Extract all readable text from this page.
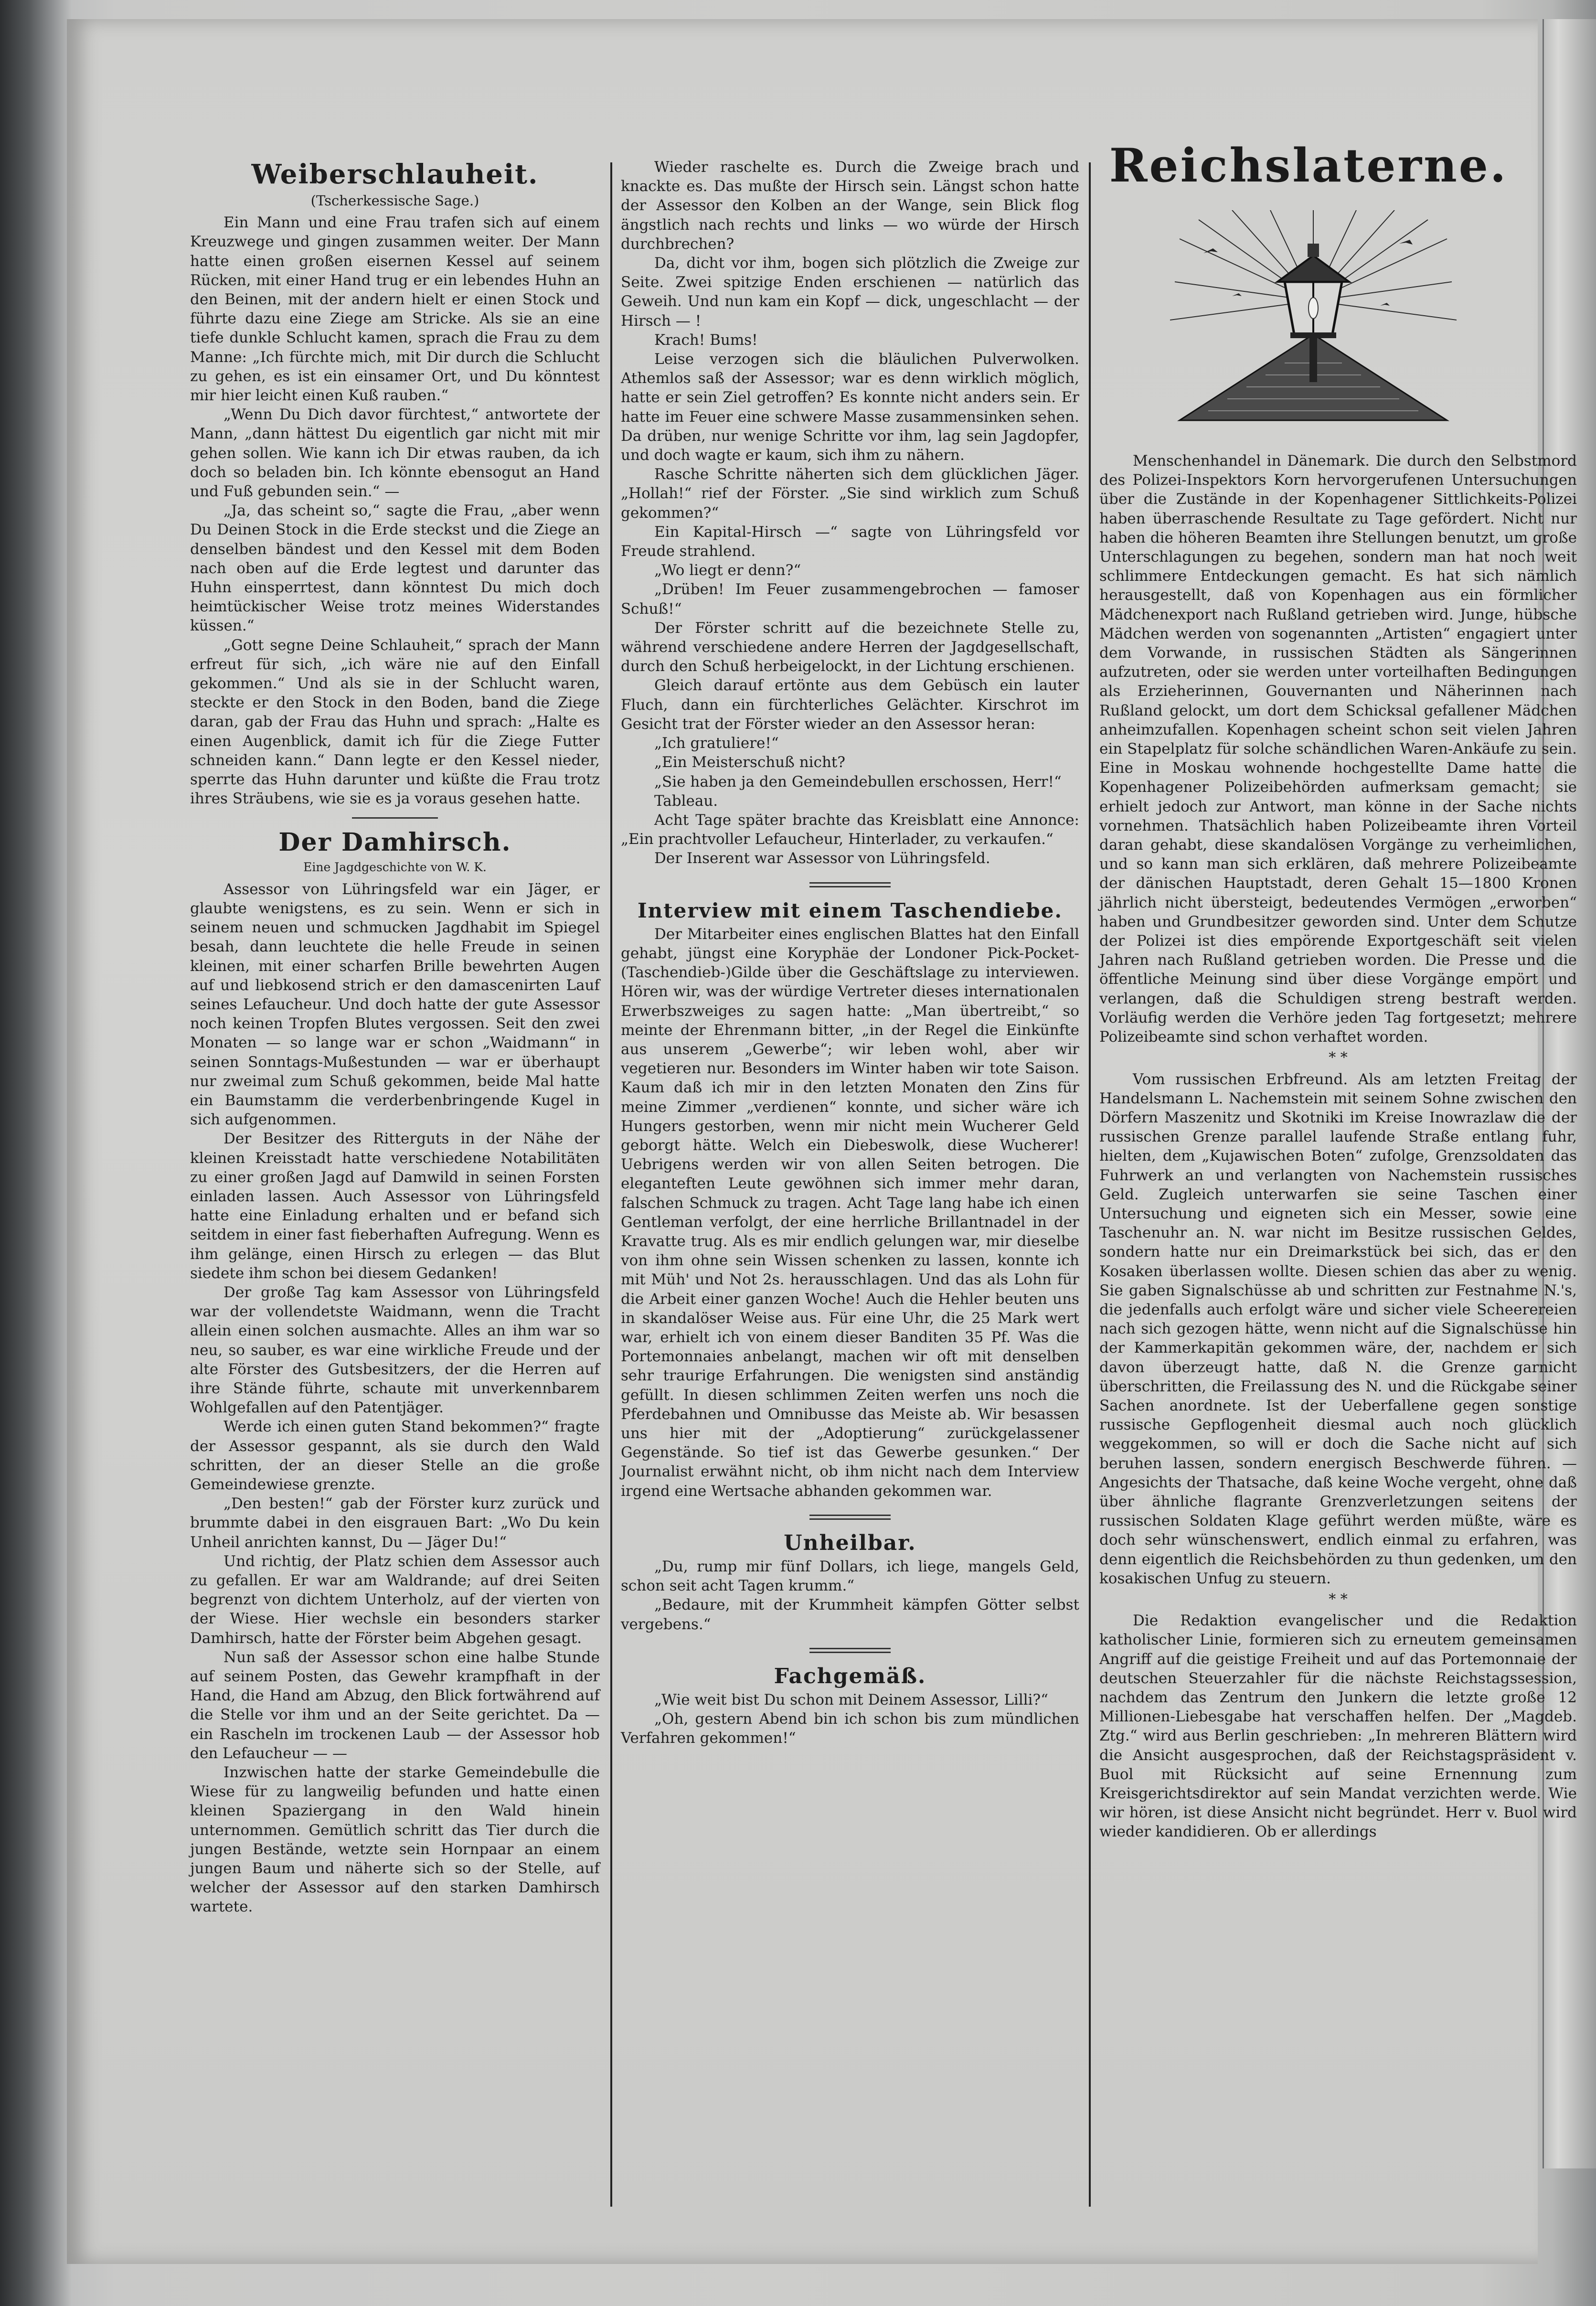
Weiberschlauheit.
(Tscherkessische Sage.)

Ein Mann und eine Frau trafen sich auf einem Kreuzwege und gingen zusammen weiter. Der Mann hatte einen großen eisernen Kessel auf seinem Rücken, mit einer Hand trug er ein lebendes Huhn an den Beinen, mit der andern hielt er einen Stock und führte dazu eine Ziege am Stricke. Als sie an eine tiefe dunkle Schlucht kamen, sprach die Frau zu dem Manne: „Ich fürchte mich, mit Dir durch die Schlucht zu gehen, es ist ein einsamer Ort, und Du könntest mir hier leicht einen Kuß rauben.“

„Wenn Du Dich davor fürchtest,“ antwortete der Mann, „dann hättest Du eigentlich gar nicht mit mir gehen sollen. Wie kann ich Dir etwas rauben, da ich doch so beladen bin. Ich könnte ebensogut an Hand und Fuß gebunden sein.“ —

„Ja, das scheint so,“ sagte die Frau, „aber wenn Du Deinen Stock in die Erde steckst und die Ziege an denselben bändest und den Kessel mit dem Boden nach oben auf die Erde legtest und darunter das Huhn einsperrtest, dann könntest Du mich doch heimtückischer Weise trotz meines Widerstandes küssen.“

„Gott segne Deine Schlauheit,“ sprach der Mann erfreut für sich, „ich wäre nie auf den Einfall gekommen.“ Und als sie in der Schlucht waren, steckte er den Stock in den Boden, band die Ziege daran, gab der Frau das Huhn und sprach: „Halte es einen Augenblick, damit ich für die Ziege Futter schneiden kann.“ Dann legte er den Kessel nieder, sperrte das Huhn darunter und küßte die Frau trotz ihres Sträubens, wie sie es ja voraus gesehen hatte.

Der Damhirsch.
Eine Jagdgeschichte von W. K.

Assessor von Lühringsfeld war ein Jäger, er glaubte wenigstens, es zu sein. Wenn er sich in seinem neuen und schmucken Jagdhabit im Spiegel besah, dann leuchtete die helle Freude in seinen kleinen, mit einer scharfen Brille bewehrten Augen auf und liebkosend strich er den damascenirten Lauf seines Lefaucheur. Und doch hatte der gute Assessor noch keinen Tropfen Blutes vergossen. Seit den zwei Monaten — so lange war er schon „Waidmann“ in seinen Sonntags-Mußestunden — war er überhaupt nur zweimal zum Schuß gekommen, beide Mal hatte ein Baumstamm die verderbenbringende Kugel in sich aufgenommen.

Der Besitzer des Ritterguts in der Nähe der kleinen Kreisstadt hatte verschiedene Notabilitäten zu einer großen Jagd auf Damwild in seinen Forsten einladen lassen. Auch Assessor von Lühringsfeld hatte eine Einladung erhalten und er befand sich seitdem in einer fast fieberhaften Aufregung. Wenn es ihm gelänge, einen Hirsch zu erlegen — das Blut siedete ihm schon bei diesem Gedanken!

Der große Tag kam Assessor von Lühringsfeld war der vollendetste Waidmann, wenn die Tracht allein einen solchen ausmachte. Alles an ihm war so neu, so sauber, es war eine wirkliche Freude und der alte Förster des Gutsbesitzers, der die Herren auf ihre Stände führte, schaute mit unverkennbarem Wohlgefallen auf den Patentjäger.

Werde ich einen guten Stand bekommen?“ fragte der Assessor gespannt, als sie durch den Wald schritten, der an dieser Stelle an die große Gemeindewiese grenzte.

„Den besten!“ gab der Förster kurz zurück und brummte dabei in den eisgrauen Bart: „Wo Du kein Unheil anrichten kannst, Du — Jäger Du!“

Und richtig, der Platz schien dem Assessor auch zu gefallen. Er war am Waldrande; auf drei Seiten begrenzt von dichtem Unterholz, auf der vierten von der Wiese. Hier wechsle ein besonders starker Damhirsch, hatte der Förster beim Abgehen gesagt.

Nun saß der Assessor schon eine halbe Stunde auf seinem Posten, das Gewehr krampfhaft in der Hand, die Hand am Abzug, den Blick fortwährend auf die Stelle vor ihm und an der Seite gerichtet. Da — ein Rascheln im trockenen Laub — der Assessor hob den Lefaucheur — —

Inzwischen hatte der starke Gemeindebulle die Wiese für zu langweilig befunden und hatte einen kleinen Spaziergang in den Wald hinein unternommen. Gemütlich schritt das Tier durch die jungen Bestände, wetzte sein Hornpaar an einem jungen Baum und näherte sich so der Stelle, auf welcher der Assessor auf den starken Damhirsch wartete.

Wieder raschelte es. Durch die Zweige brach und knackte es. Das mußte der Hirsch sein. Längst schon hatte der Assessor den Kolben an der Wange, sein Blick flog ängstlich nach rechts und links — wo würde der Hirsch durchbrechen?

Da, dicht vor ihm, bogen sich plötzlich die Zweige zur Seite. Zwei spitzige Enden erschienen — natürlich das Geweih. Und nun kam ein Kopf — dick, ungeschlacht — der Hirsch — !

Krach! Bums!

Leise verzogen sich die bläulichen Pulverwolken. Athemlos saß der Assessor; war es denn wirklich möglich, hatte er sein Ziel getroffen? Es konnte nicht anders sein. Er hatte im Feuer eine schwere Masse zusammensinken sehen. Da drüben, nur wenige Schritte vor ihm, lag sein Jagdopfer, und doch wagte er kaum, sich ihm zu nähern.

Rasche Schritte näherten sich dem glücklichen Jäger. „Hollah!“ rief der Förster. „Sie sind wirklich zum Schuß gekommen?“

Ein Kapital-Hirsch —“ sagte von Lühringsfeld vor Freude strahlend.

„Wo liegt er denn?“

„Drüben! Im Feuer zusammengebrochen — famoser Schuß!“

Der Förster schritt auf die bezeichnete Stelle zu, während verschiedene andere Herren der Jagdgesellschaft, durch den Schuß herbeigelockt, in der Lichtung erschienen.

Gleich darauf ertönte aus dem Gebüsch ein lauter Fluch, dann ein fürchterliches Gelächter. Kirschrot im Gesicht trat der Förster wieder an den Assessor heran:

„Ich gratuliere!“

„Ein Meisterschuß nicht?

„Sie haben ja den Gemeindebullen erschossen, Herr!“

Tableau.

Acht Tage später brachte das Kreisblatt eine Annonce: „Ein prachtvoller Lefaucheur, Hinterlader, zu verkaufen.“

Der Inserent war Assessor von Lühringsfeld.

Interview mit einem Taschendiebe.

Der Mitarbeiter eines englischen Blattes hat den Einfall gehabt, jüngst eine Koryphäe der Londoner Pick-Pocket-(Taschendieb-)Gilde über die Geschäftslage zu interviewen. Hören wir, was der würdige Vertreter dieses internationalen Erwerbszweiges zu sagen hatte: „Man übertreibt,“ so meinte der Ehrenmann bitter, „in der Regel die Einkünfte aus unserem „Gewerbe“; wir leben wohl, aber wir vegetieren nur. Besonders im Winter haben wir tote Saison. Kaum daß ich mir in den letzten Monaten den Zins für meine Zimmer „verdienen“ konnte, und sicher wäre ich Hungers gestorben, wenn mir nicht mein Wucherer Geld geborgt hätte. Welch ein Diebeswolk, diese Wucherer! Uebrigens werden wir von allen Seiten betrogen. Die eleganteften Leute gewöhnen sich immer mehr daran, falschen Schmuck zu tragen. Acht Tage lang habe ich einen Gentleman verfolgt, der eine herrliche Brillantnadel in der Kravatte trug. Als es mir endlich gelungen war, mir dieselbe von ihm ohne sein Wissen schenken zu lassen, konnte ich mit Müh' und Not 2s. herausschlagen. Und das als Lohn für die Arbeit einer ganzen Woche! Auch die Hehler beuten uns in skandalöser Weise aus. Für eine Uhr, die 25 Mark wert war, erhielt ich von einem dieser Banditen 35 Pf. Was die Portemonnaies anbelangt, machen wir oft mit denselben sehr traurige Erfahrungen. Die wenigsten sind anständig gefüllt. In diesen schlimmen Zeiten werfen uns noch die Pferdebahnen und Omnibusse das Meiste ab. Wir besassen uns hier mit der „Adoptierung“ zurückgelassener Gegenstände. So tief ist das Gewerbe gesunken.“ Der Journalist erwähnt nicht, ob ihm nicht nach dem Interview irgend eine Wertsache abhanden gekommen war.

Unheilbar.

„Du, rump mir fünf Dollars, ich liege, mangels Geld, schon seit acht Tagen krumm.“

„Bedaure, mit der Krummheit kämpfen Götter selbst vergebens.“

Fachgemäß.

„Wie weit bist Du schon mit Deinem Assessor, Lilli?“

„Oh, gestern Abend bin ich schon bis zum mündlichen Verfahren gekommen!“

Reichslaterne.

Menschenhandel in Dänemark. Die durch den Selbstmord des Polizei-Inspektors Korn hervorgerufenen Untersuchungen über die Zustände in der Kopenhagener Sittlichkeits-Polizei haben überraschende Resultate zu Tage gefördert. Nicht nur haben die höheren Beamten ihre Stellungen benutzt, um große Unterschlagungen zu begehen, sondern man hat noch weit schlimmere Entdeckungen gemacht. Es hat sich nämlich herausgestellt, daß von Kopenhagen aus ein förmlicher Mädchenexport nach Rußland getrieben wird. Junge, hübsche Mädchen werden von sogenannten „Artisten“ engagiert unter dem Vorwande, in russischen Städten als Sängerinnen aufzutreten, oder sie werden unter vorteilhaften Bedingungen als Erzieherinnen, Gouvernanten und Näherinnen nach Rußland gelockt, um dort dem Schicksal gefallener Mädchen anheimzufallen. Kopenhagen scheint schon seit vielen Jahren ein Stapelplatz für solche schändlichen Waren-Ankäufe zu sein. Eine in Moskau wohnende hochgestellte Dame hatte die Kopenhagener Polizeibehörden aufmerksam gemacht; sie erhielt jedoch zur Antwort, man könne in der Sache nichts vornehmen. Thatsächlich haben Polizeibeamte ihren Vorteil daran gehabt, diese skandalösen Vorgänge zu verheimlichen, und so kann man sich erklären, daß mehrere Polizeibeamte der dänischen Hauptstadt, deren Gehalt 15—1800 Kronen jährlich nicht übersteigt, bedeutendes Vermögen „erworben“ haben und Grundbesitzer geworden sind. Unter dem Schutze der Polizei ist dies empörende Exportgeschäft seit vielen Jahren nach Rußland getrieben worden. Die Presse und die öffentliche Meinung sind über diese Vorgänge empört und verlangen, daß die Schuldigen streng bestraft werden. Vorläufig werden die Verhöre jeden Tag fortgesetzt; mehrere Polizeibeamte sind schon verhaftet worden.

* *

Vom russischen Erbfreund. Als am letzten Freitag der Handelsmann L. Nachemstein mit seinem Sohne zwischen den Dörfern Maszenitz und Skotniki im Kreise Inowrazlaw die der russischen Grenze parallel laufende Straße entlang fuhr, hielten, dem „Kujawischen Boten“ zufolge, Grenzsoldaten das Fuhrwerk an und verlangten von Nachemstein russisches Geld. Zugleich unterwarfen sie seine Taschen einer Untersuchung und eigneten sich ein Messer, sowie eine Taschenuhr an. N. war nicht im Besitze russischen Geldes, sondern hatte nur ein Dreimarkstück bei sich, das er den Kosaken überlassen wollte. Diesen schien das aber zu wenig. Sie gaben Signalschüsse ab und schritten zur Festnahme N.'s, die jedenfalls auch erfolgt wäre und sicher viele Scheerereien nach sich gezogen hätte, wenn nicht auf die Signalschüsse hin der Kammerkapitän gekommen wäre, der, nachdem er sich davon überzeugt hatte, daß N. die Grenze garnicht überschritten, die Freilassung des N. und die Rückgabe seiner Sachen anordnete. Ist der Ueberfallene gegen sonstige russische Gepflogenheit diesmal auch noch glücklich weggekommen, so will er doch die Sache nicht auf sich beruhen lassen, sondern energisch Beschwerde führen. — Angesichts der Thatsache, daß keine Woche vergeht, ohne daß über ähnliche flagrante Grenzverletzungen seitens der russischen Soldaten Klage geführt werden müßte, wäre es doch sehr wünschenswert, endlich einmal zu erfahren, was denn eigentlich die Reichsbehörden zu thun gedenken, um den kosakischen Unfug zu steuern.

* *

Die Redaktion evangelischer und die Redaktion katholischer Linie, formieren sich zu erneutem gemeinsamen Angriff auf die geistige Freiheit und auf das Portemonnaie der deutschen Steuerzahler für die nächste Reichstagssession, nachdem das Zentrum den Junkern die letzte große 12 Millionen-Liebesgabe hat verschaffen helfen. Der „Magdeb. Ztg.“ wird aus Berlin geschrieben: „In mehreren Blättern wird die Ansicht ausgesprochen, daß der Reichstagspräsident v. Buol mit Rücksicht auf seine Ernennung zum Kreisgerichtsdirektor auf sein Mandat verzichten werde. Wie wir hören, ist diese Ansicht nicht begründet. Herr v. Buol wird wieder kandidieren. Ob er allerdings
